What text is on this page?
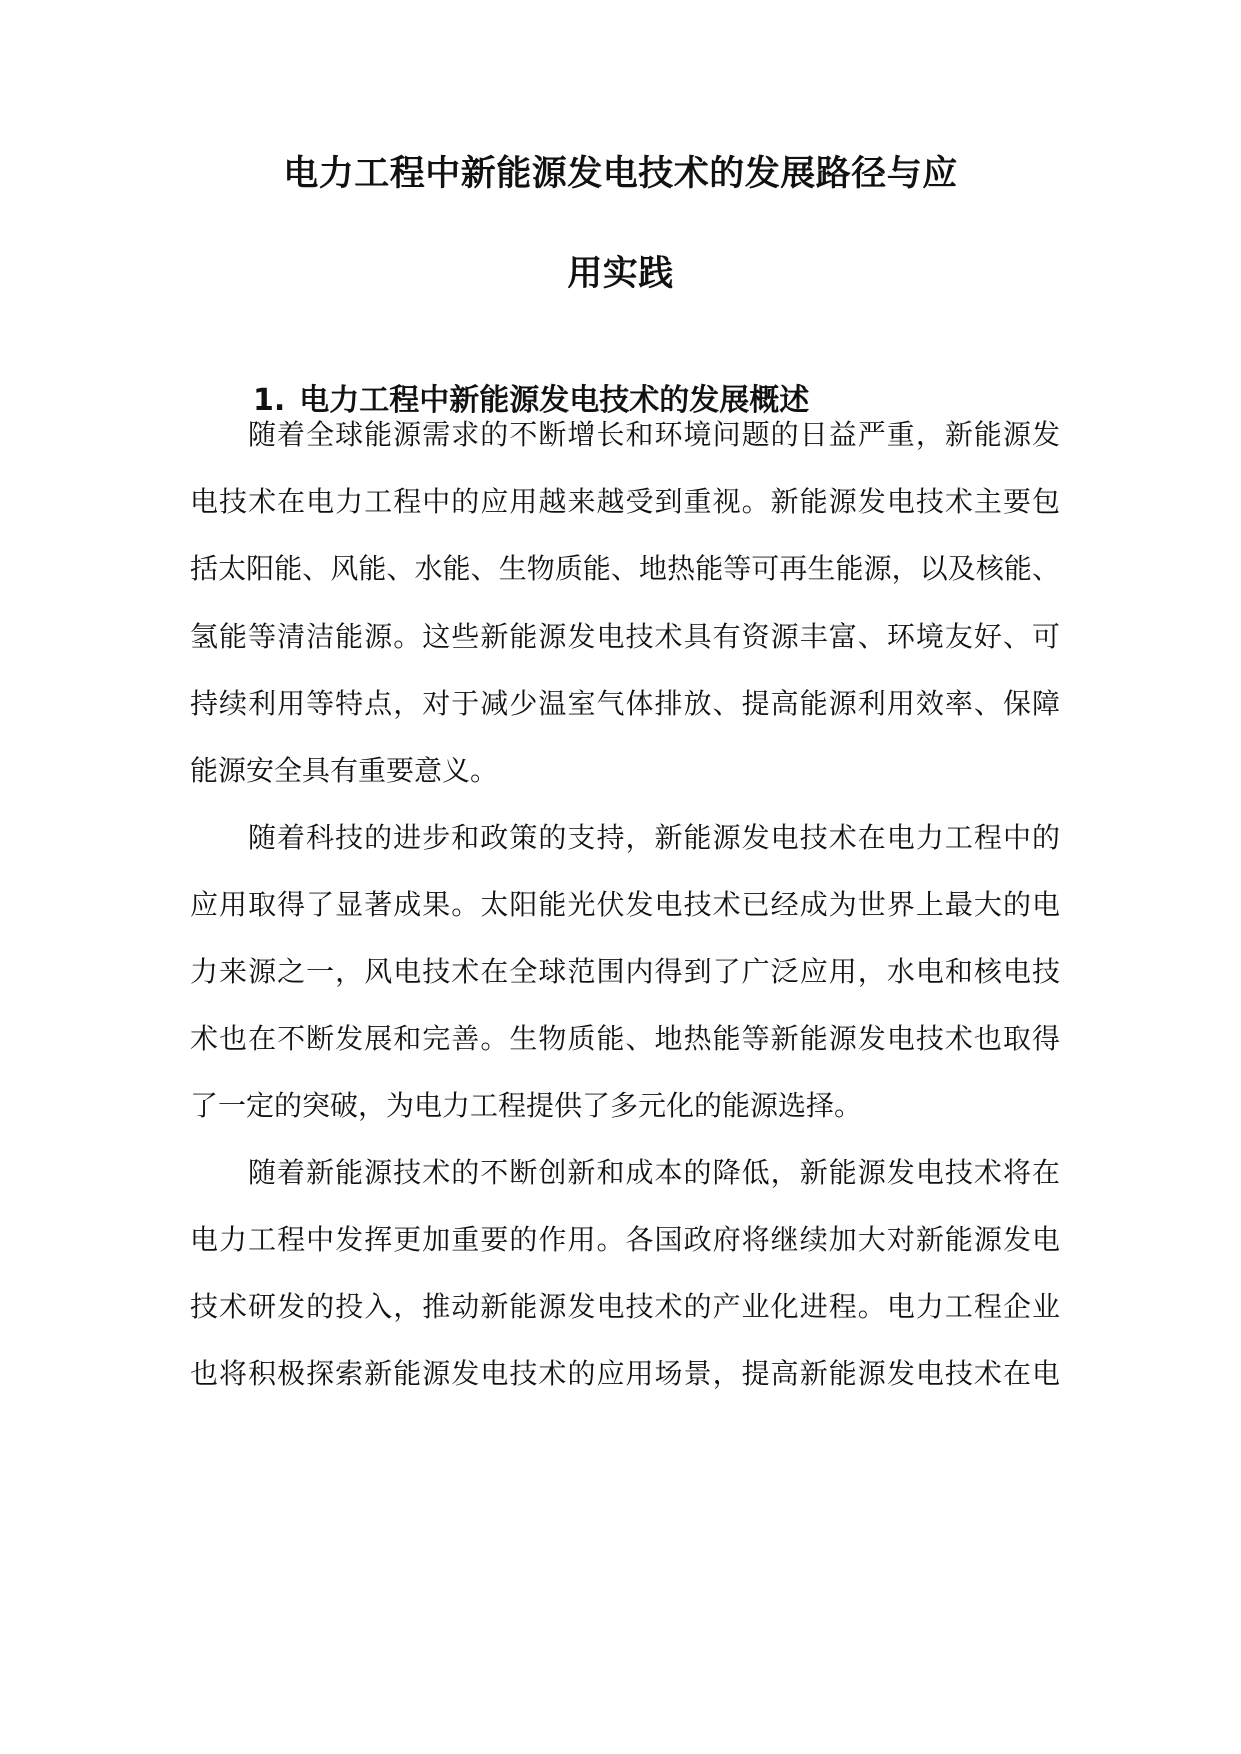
电力工程中新能源发电技术的发展路径与应
用实践
1. 电力工程中新能源发电技术的发展概述
随着全球能源需求的不断增长和环境问题的日益严重，新能源发
电技术在电力工程中的应用越来越受到重视。新能源发电技术主要包
括太阳能、风能、水能、生物质能、地热能等可再生能源，以及核能、
氢能等清洁能源。这些新能源发电技术具有资源丰富、环境友好、可
持续利用等特点，对于减少温室气体排放、提高能源利用效率、保障
能源安全具有重要意义。
随着科技的进步和政策的支持，新能源发电技术在电力工程中的
应用取得了显著成果。太阳能光伏发电技术已经成为世界上最大的电
力来源之一，风电技术在全球范围内得到了广泛应用，水电和核电技
术也在不断发展和完善。生物质能、地热能等新能源发电技术也取得
了一定的突破，为电力工程提供了多元化的能源选择。
随着新能源技术的不断创新和成本的降低，新能源发电技术将在
电力工程中发挥更加重要的作用。各国政府将继续加大对新能源发电
技术研发的投入，推动新能源发电技术的产业化进程。电力工程企业
也将积极探索新能源发电技术的应用场景，提高新能源发电技术在电
